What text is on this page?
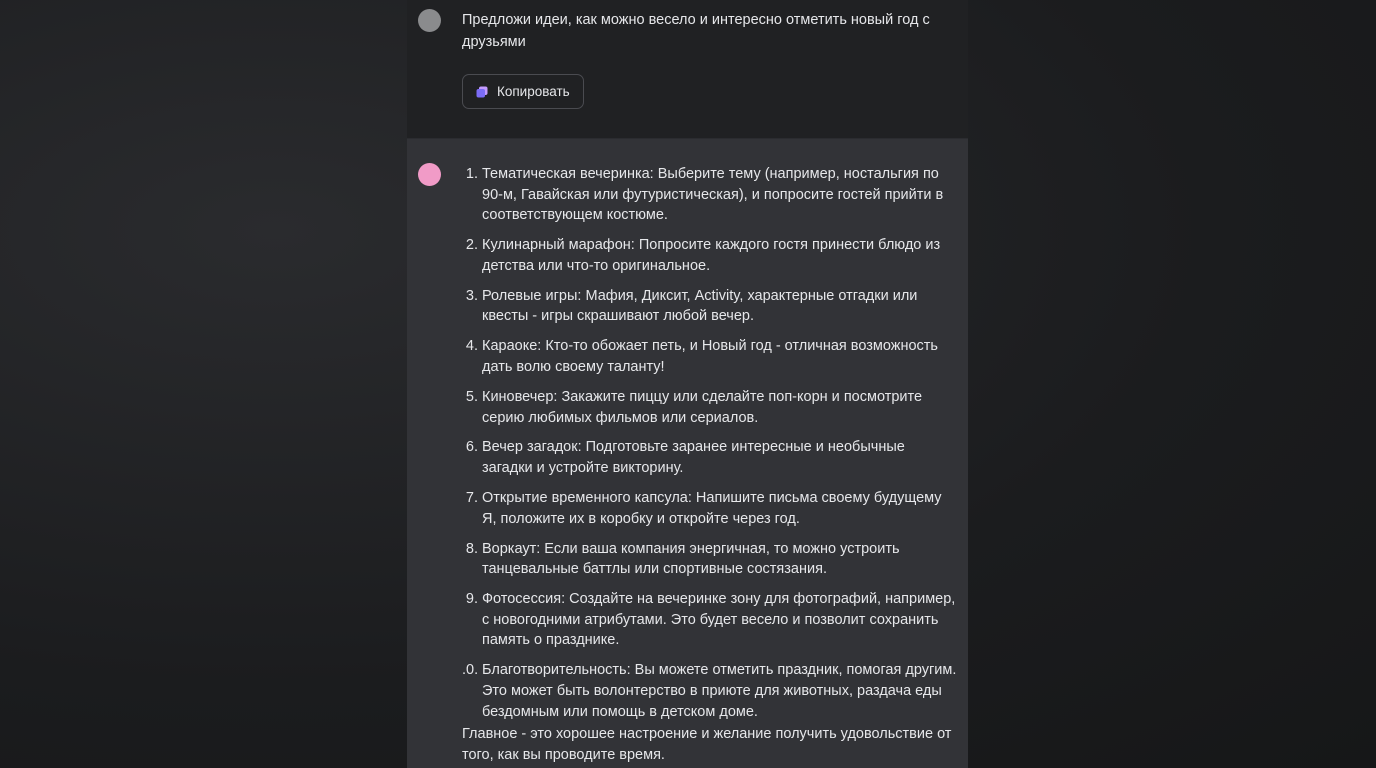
Предложи идеи, как можно весело и интересно отметить новый год с друзьями
Копировать
1. Тематическая вечеринка: Выберите тему (например, ностальгия по 90-м, Гавайская или футуристическая), и попросите гостей прийти в соответствующем костюме.
2. Кулинарный марафон: Попросите каждого гостя принести блюдо из детства или что-то оригинальное.
3. Ролевые игры: Мафия, Диксит, Activity, характерные отгадки или квесты - игры скрашивают любой вечер.
4. Караоке: Кто-то обожает петь, и Новый год - отличная возможность дать волю своему таланту!
5. Киновечер: Закажите пиццу или сделайте поп-корн и посмотрите серию любимых фильмов или сериалов.
6. Вечер загадок: Подготовьте заранее интересные и необычные загадки и устройте викторину.
7. Открытие временного капсула: Напишите письма своему будущему Я, положите их в коробку и откройте через год.
8. Воркаут: Если ваша компания энергичная, то можно устроить танцевальные баттлы или спортивные состязания.
9. Фотосессия: Создайте на вечеринке зону для фотографий, например, с новогодними атрибутами. Это будет весело и позволит сохранить память о празднике.
.0. Благотворительность: Вы можете отметить праздник, помогая другим. Это может быть волонтерство в приюте для животных, раздача еды бездомным или помощь в детском доме.
Главное - это хорошее настроение и желание получить удовольствие от того, как вы проводите время.
